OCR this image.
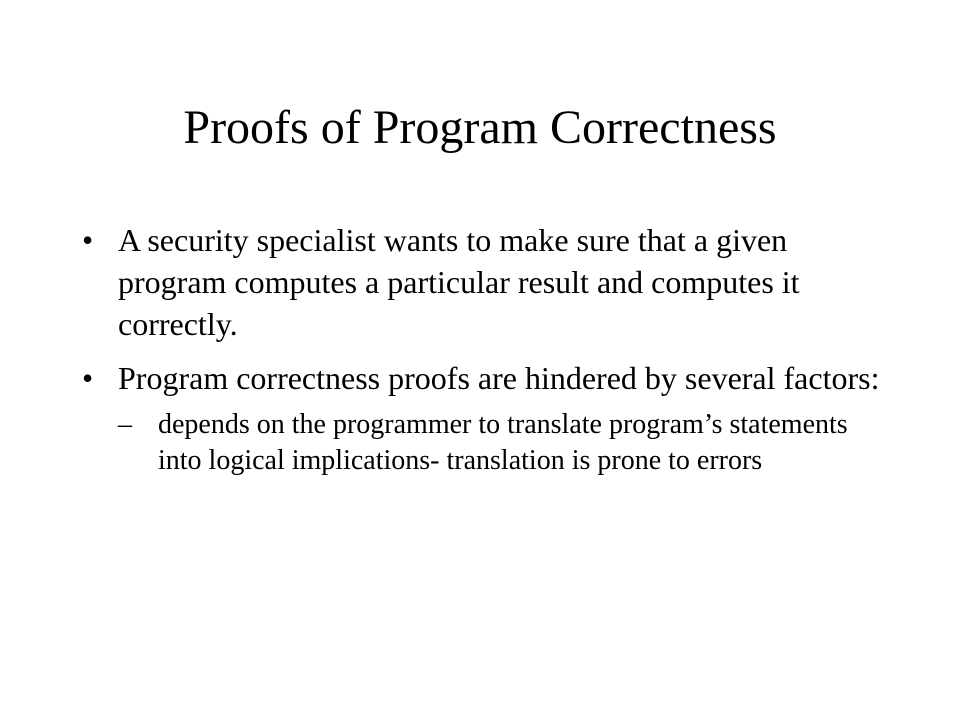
Proofs of Program Correctness
• A security specialist wants to make sure that a given program computes a particular result and computes it correctly.
• Program correctness proofs are hindered by several factors:
– depends on the programmer to translate program’s statements into logical implications- translation is prone to errors
